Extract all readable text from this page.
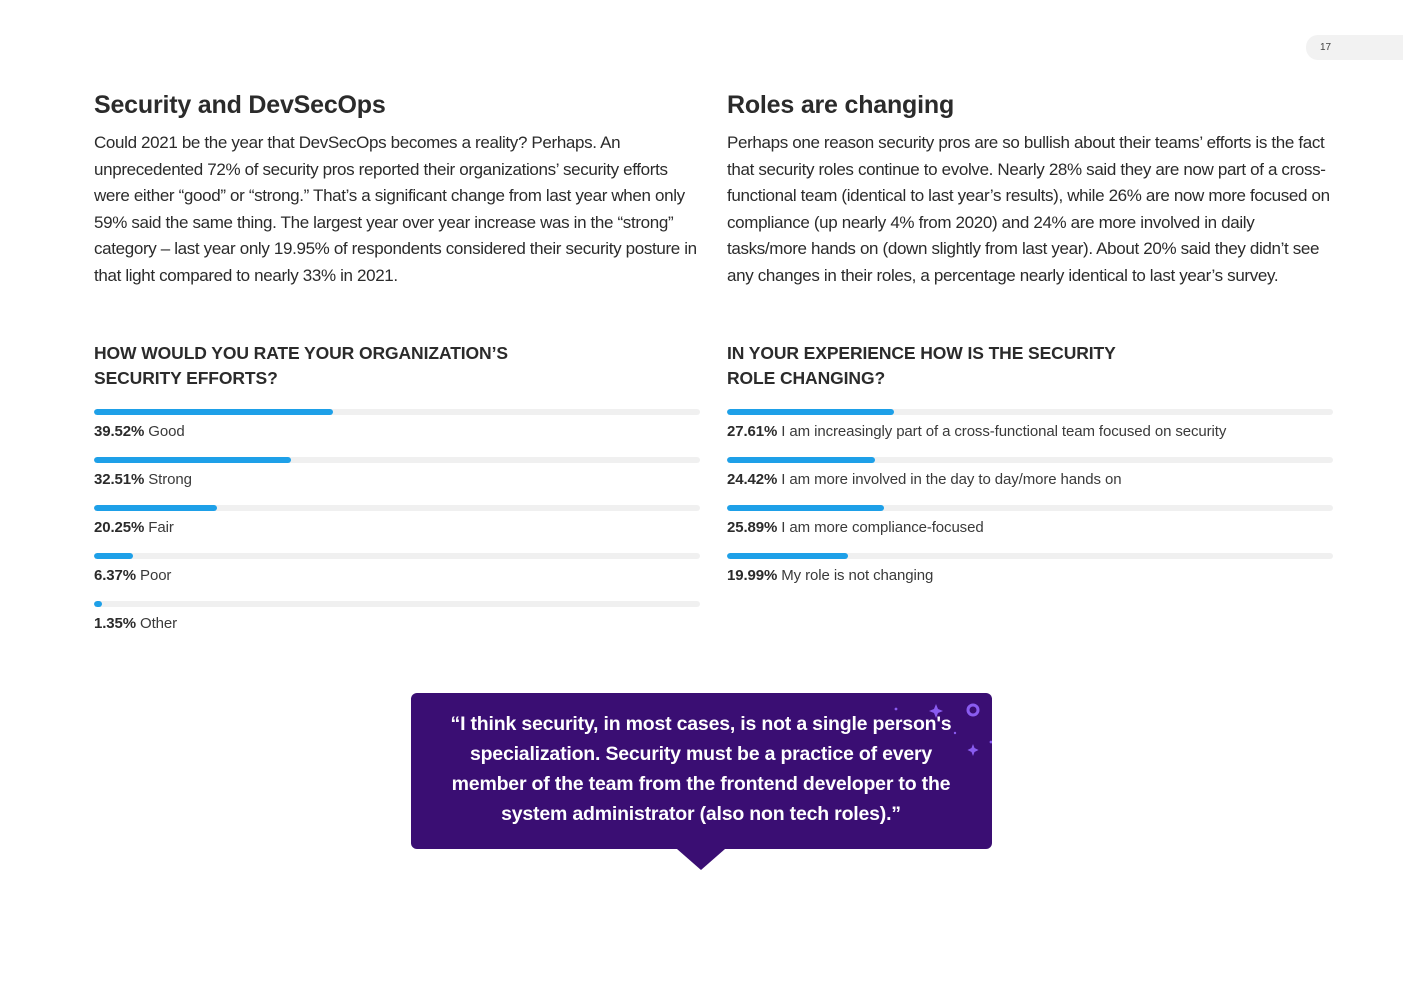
17
Security and DevSecOps

Could 2021 be the year that DevSecOps becomes a reality? Perhaps. An unprecedented 72% of security pros reported their organizations’ security efforts were either “good” or “strong.” That’s a significant change from last year when only 59% said the same thing. The largest year over year increase was in the “strong” category – last year only 19.95% of respondents considered their security posture in that light compared to nearly 33% in 2021.

Roles are changing

Perhaps one reason security pros are so bullish about their teams’ efforts is the fact that security roles continue to evolve. Nearly 28% said they are now part of a cross-functional team (identical to last year’s results), while 26% are now more focused on compliance (up nearly 4% from 2020) and 24% are more involved in daily tasks/more hands on (down slightly from last year). About 20% said they didn’t see any changes in their roles, a percentage nearly identical to last year’s survey.

HOW WOULD YOU RATE YOUR ORGANIZATION’S SECURITY EFFORTS?
IN YOUR EXPERIENCE HOW IS THE SECURITY ROLE CHANGING?
39.52% Good
32.51% Strong
20.25% Fair
6.37% Poor
1.35% Other
27.61% I am increasingly part of a cross-functional team focused on security
24.42% I am more involved in the day to day/more hands on
25.89% I am more compliance-focused
19.99% My role is not changing

“I think security, in most cases, is not a single person's specialization. Security must be a practice of every member of the team from the frontend developer to the system administrator (also non tech roles).”
